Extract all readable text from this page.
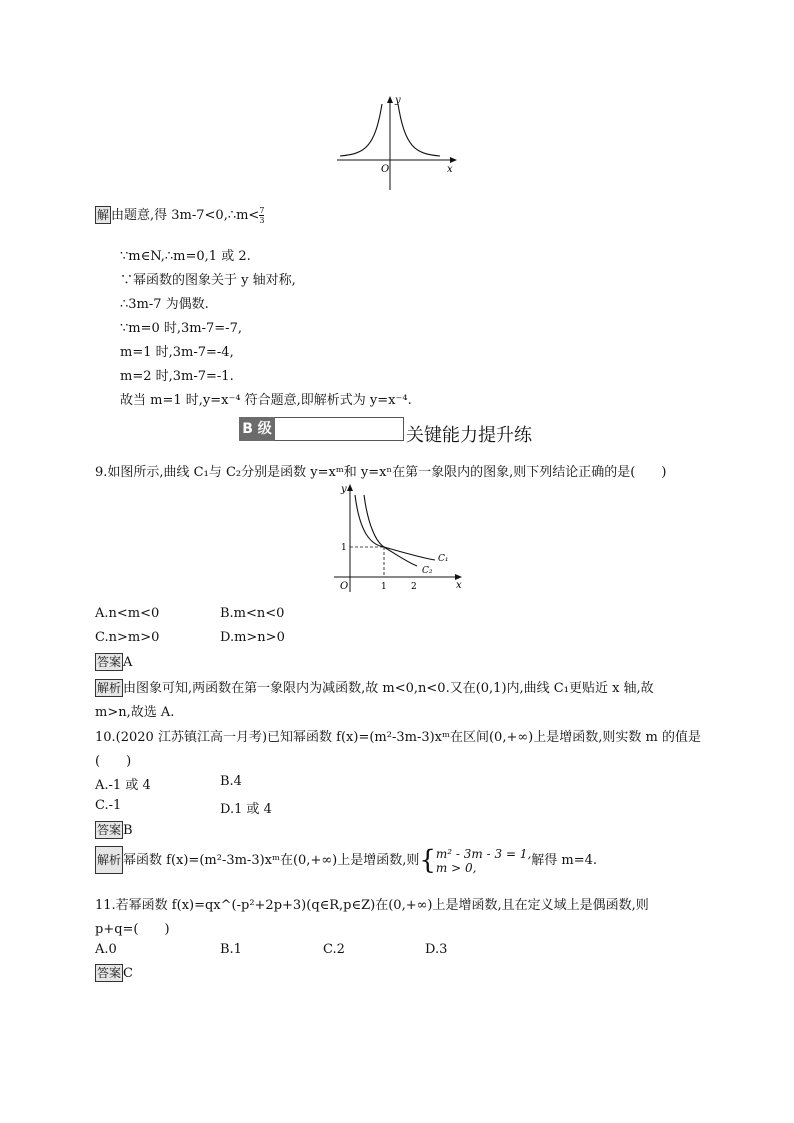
y
x
O
解 由题意,得 3m-7<0,∴m< $\frac{7}{3}$
∵m∈N,∴m=0,1 或 2.
∵幂函数的图象关于 y 轴对称,
∴3m-7 为偶数.
∵m=0 时,3m-7=-7,
m=1 时,3m-7=-4,
m=2 时,3m-7=-1.
故当 m=1 时,y=x⁻⁴ 符合题意,即解析式为 y=x⁻⁴.
B 级	关键能力提升练
9.如图所示,曲线 C₁与 C₂分别是函数 y=xᵐ和 y=xⁿ在第一象限内的图象,则下列结论正确的是(　　)
y
x
O	1	2
1
C₁
C₂
A.n<m<0	B.m<n<0
C.n>m>0	D.m>n>0
答案 A
解析 由图象可知,两函数在第一象限内为减函数,故 m<0,n<0.又在(0,1)内,曲线 C₁更贴近 x 轴,故
m>n,故选 A.
10.(2020 江苏镇江高一月考)已知幂函数 f(x)=(m²-3m-3)xᵐ在区间(0,+∞)上是增函数,则实数 m 的值是
(　　)
A.-1 或 4	B.4
C.-1	D.1 或 4
答案 B
解析 幂函数 f(x)=(m²-3m-3)xᵐ在(0,+∞)上是增函数,则{ m² - 3m - 3 = 1,
m > 0,	解得 m=4.
11.若幂函数 f(x)=qx^(-p²+2p+3)(q∈R,p∈Z)在(0,+∞)上是增函数,且在定义域上是偶函数,则
p+q=(　　)
A.0	B.1	C.2	D.3
答案 C
